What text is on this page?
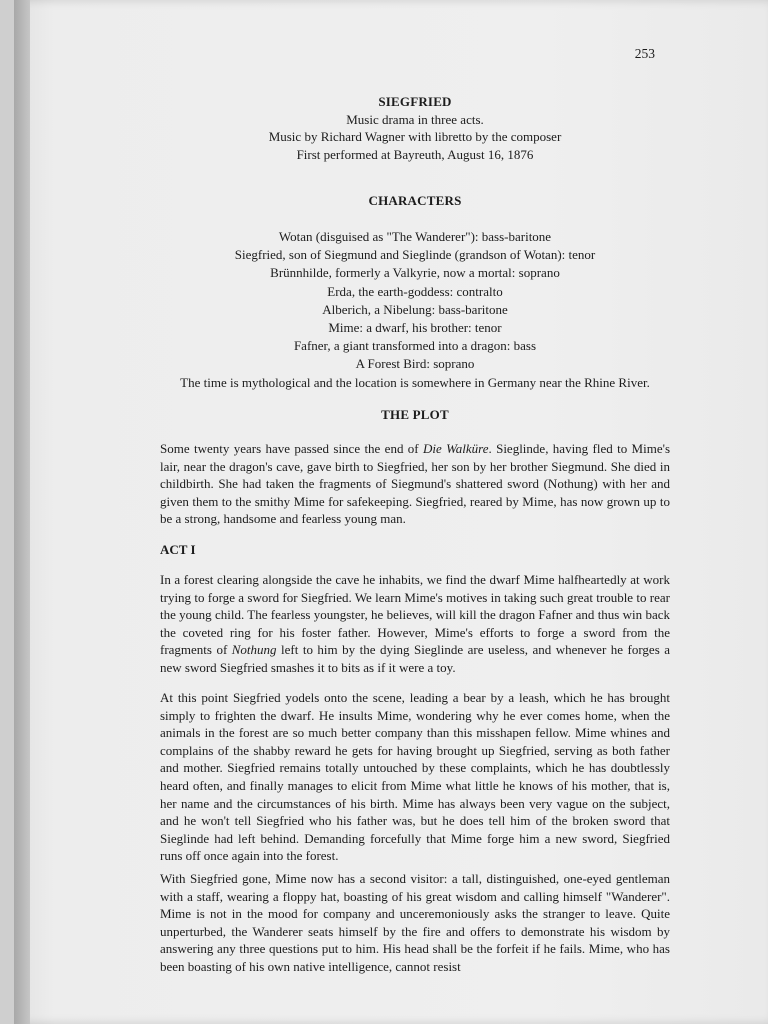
253

SIEGFRIED

Music drama in three acts.

Music by Richard Wagner with libretto by the composer

First performed at Bayreuth, August 16, 1876

CHARACTERS

Wotan (disguised as "The Wanderer"): bass-baritone

Siegfried, son of Siegmund and Sieglinde (grandson of Wotan): tenor

Brünnhilde, formerly a Valkyrie, now a mortal: soprano

Erda, the earth-goddess: contralto

Alberich, a Nibelung: bass-baritone

Mime: a dwarf, his brother: tenor

Fafner, a giant transformed into a dragon: bass

A Forest Bird: soprano

The time is mythological and the location is somewhere in Germany near the Rhine River.

THE PLOT

Some twenty years have passed since the end of Die Walküre. Sieglinde, having fled to Mime's lair, near the dragon's cave, gave birth to Siegfried, her son by her brother Siegmund. She died in childbirth. She had taken the fragments of Siegmund's shattered sword (Nothung) with her and given them to the smithy Mime for safekeeping. Siegfried, reared by Mime, has now grown up to be a strong, handsome and fearless young man.

ACT I

In a forest clearing alongside the cave he inhabits, we find the dwarf Mime halfheartedly at work trying to forge a sword for Siegfried. We learn Mime's motives in taking such great trouble to rear the young child. The fearless youngster, he believes, will kill the dragon Fafner and thus win back the coveted ring for his foster father. However, Mime's efforts to forge a sword from the fragments of Nothung left to him by the dying Sieglinde are useless, and whenever he forges a new sword Siegfried smashes it to bits as if it were a toy.

At this point Siegfried yodels onto the scene, leading a bear by a leash, which he has brought simply to frighten the dwarf. He insults Mime, wondering why he ever comes home, when the animals in the forest are so much better company than this misshapen fellow. Mime whines and complains of the shabby reward he gets for having brought up Siegfried, serving as both father and mother. Siegfried remains totally untouched by these complaints, which he has doubtlessly heard often, and finally manages to elicit from Mime what little he knows of his mother, that is, her name and the circumstances of his birth. Mime has always been very vague on the subject, and he won't tell Siegfried who his father was, but he does tell him of the broken sword that Sieglinde had left behind. Demanding forcefully that Mime forge him a new sword, Siegfried runs off once again into the forest.

With Siegfried gone, Mime now has a second visitor: a tall, distinguished, one-eyed gentleman with a staff, wearing a floppy hat, boasting of his great wisdom and calling himself "Wanderer". Mime is not in the mood for company and unceremoniously asks the stranger to leave. Quite unperturbed, the Wanderer seats himself by the fire and offers to demonstrate his wisdom by answering any three questions put to him. His head shall be the forfeit if he fails. Mime, who has been boasting of his own native intelligence, cannot resist
